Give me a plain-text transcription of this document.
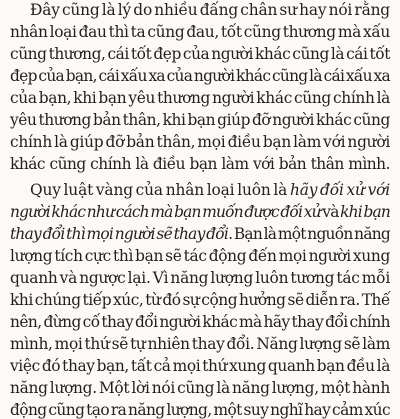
Đây cũng là lý do nhiều đấng chân sư hay nói rằng
nhân loại đau thì ta cũng đau, tốt cũng thương mà xấu
cũng thương, cái tốt đẹp của người khác cũng là cái tốt
đẹp của bạn, cái xấu xa của người khác cũng là cái xấu xa
của bạn, khi bạn yêu thương người khác cũng chính là
yêu thương bản thân, khi bạn giúp đỡ người khác cũng
chính là giúp đỡ bản thân, mọi điều bạn làm với người
khác cũng chính là điều bạn làm với bản thân mình.
Quy luật vàng của nhân loại luôn là hãy đối xử với
người khác như cách mà bạn muốn được đối xử và khi bạn
thay đổi thì mọi người sẽ thay đổi. Bạn là một nguồn năng
lượng tích cực thì bạn sẽ tác động đến mọi người xung
quanh và ngược lại. Vì năng lượng luôn tương tác mỗi
khi chúng tiếp xúc, từ đó sự cộng hưởng sẽ diễn ra. Thế
nên, đừng cố thay đổi người khác mà hãy thay đổi chính
mình, mọi thứ sẽ tự nhiên thay đổi. Năng lượng sẽ làm
việc đó thay bạn, tất cả mọi thứ xung quanh bạn đều là
năng lượng. Một lời nói cũng là năng lượng, một hành
động cũng tạo ra năng lượng, một suy nghĩ hay cảm xúc
